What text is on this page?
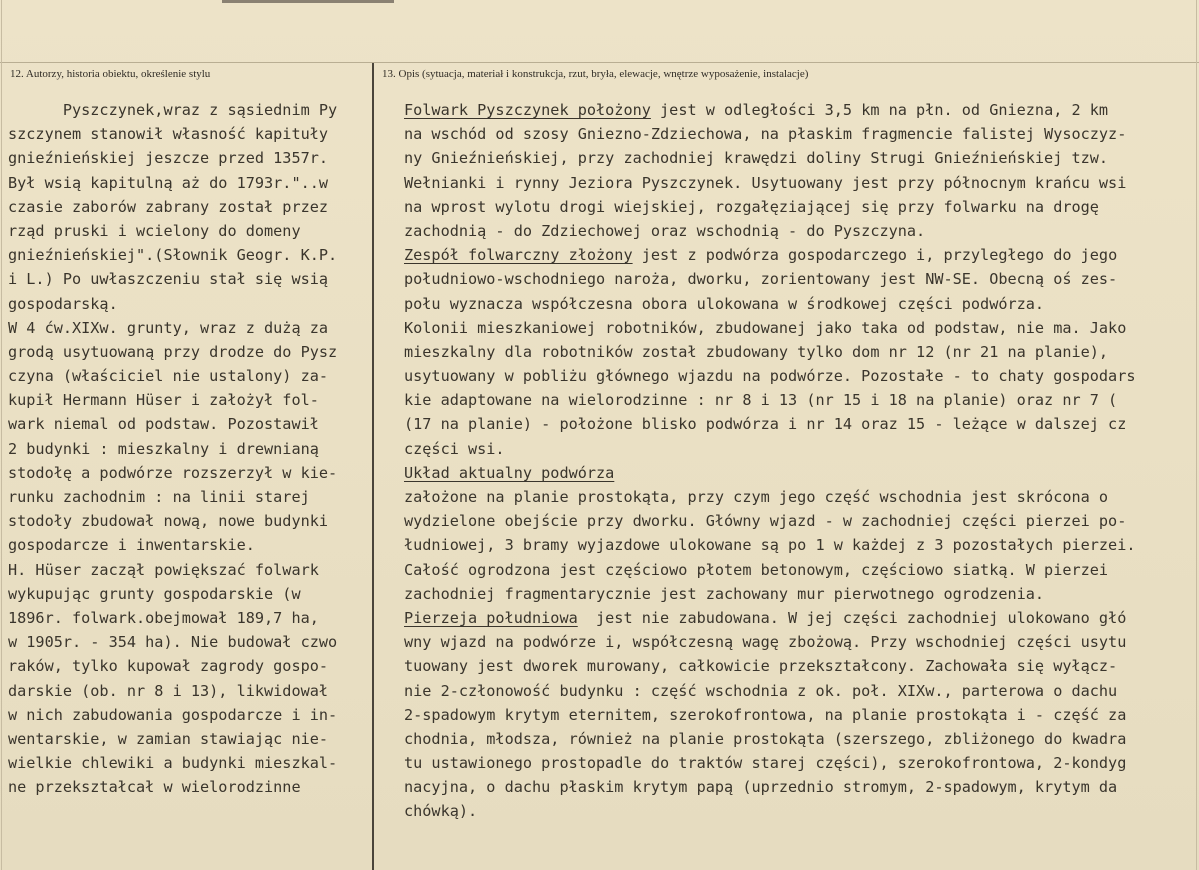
12. Autorzy, historia obiektu, określenie stylu	13. Opis (sytuacja, materiał i konstrukcja, rzut, bryła, elewacje, wnętrze wyposażenie, instalacje)
Pyszczynek,wraz z sąsiednim Py
szczynem stanowił własność kapituły
gnieźnieńskiej jeszcze przed 1357r.
Był wsią kapitulną aż do 1793r."..w
czasie zaborów zabrany został przez
rząd pruski i wcielony do domeny
gnieźnieńskiej".(Słownik Geogr. K.P.
i L.) Po uwłaszczeniu stał się wsią
gospodarską.
W 4 ćw.XIXw. grunty, wraz z dużą za
grodą usytuowaną przy drodze do Pysz
czyna (właściciel nie ustalony) za-
kupił Hermann Hüser i założył fol-
wark niemal od podstaw. Pozostawił
2 budynki : mieszkalny i drewnianą
stodołę a podwórze rozszerzył w kie-
runku zachodnim : na linii starej
stodoły zbudował nową, nowe budynki
gospodarcze i inwentarskie.
H. Hüser zaczął powiększać folwark
wykupując grunty gospodarskie (w
1896r. folwark.obejmował 189,7 ha,
w 1905r. - 354 ha). Nie budował czwo
raków, tylko kupował zagrody gospo-
darskie (ob. nr 8 i 13), likwidował
w nich zabudowania gospodarcze i in-
wentarskie, w zamian stawiając nie-
wielkie chlewiki a budynki mieszkal-
ne przekształcał w wielorodzinne
Folwark Pyszczynek położony jest w odległości 3,5 km na płn. od Gniezna, 2 km
na wschód od szosy Gniezno-Zdziechowa, na płaskim fragmencie falistej Wysoczyz-
ny Gnieźnieńskiej, przy zachodniej krawędzi doliny Strugi Gnieźnieńskiej tzw.
Wełnianki i rynny Jeziora Pyszczynek. Usytuowany jest przy północnym krańcu wsi
na wprost wylotu drogi wiejskiej, rozgałęziającej się przy folwarku na drogę
zachodnią - do Zdziechowej oraz wschodnią - do Pyszczyna.
Zespół folwarczny złożony jest z podwórza gospodarczego i, przyległego do jego
południowo-wschodniego naroża, dworku, zorientowany jest NW-SE. Obecną oś zes-
połu wyznacza współczesna obora ulokowana w środkowej części podwórza.
Kolonii mieszkaniowej robotników, zbudowanej jako taka od podstaw, nie ma. Jako
mieszkalny dla robotników został zbudowany tylko dom nr 12 (nr 21 na planie),
usytuowany w pobliżu głównego wjazdu na podwórze. Pozostałe - to chaty gospodars
kie adaptowane na wielorodzinne : nr 8 i 13 (nr 15 i 18 na planie) oraz nr 7 (
(17 na planie) - położone blisko podwórza i nr 14 oraz 15 - leżące w dalszej cz
części wsi.
Układ aktualny podwórza
założone na planie prostokąta, przy czym jego część wschodnia jest skrócona o
wydzielone obejście przy dworku. Główny wjazd - w zachodniej części pierzei po-
łudniowej, 3 bramy wyjazdowe ulokowane są po 1 w każdej z 3 pozostałych pierzei.
Całość ogrodzona jest częściowo płotem betonowym, częściowo siatką. W pierzei
zachodniej fragmentarycznie jest zachowany mur pierwotnego ogrodzenia.
Pierzeja południowa  jest nie zabudowana. W jej części zachodniej ulokowano głó
wny wjazd na podwórze i, współczesną wagę zbożową. Przy wschodniej części usytu
tuowany jest dworek murowany, całkowicie przekształcony. Zachowała się wyłącz-
nie 2-członowość budynku : część wschodnia z ok. poł. XIXw., parterowa o dachu
2-spadowym krytym eternitem, szerokofrontowa, na planie prostokąta i - część za
chodnia, młodsza, również na planie prostokąta (szerszego, zbliżonego do kwadra
tu ustawionego prostopadle do traktów starej części), szerokofrontowa, 2-kondyg
nacyjna, o dachu płaskim krytym papą (uprzednio stromym, 2-spadowym, krytym da
chówką).
